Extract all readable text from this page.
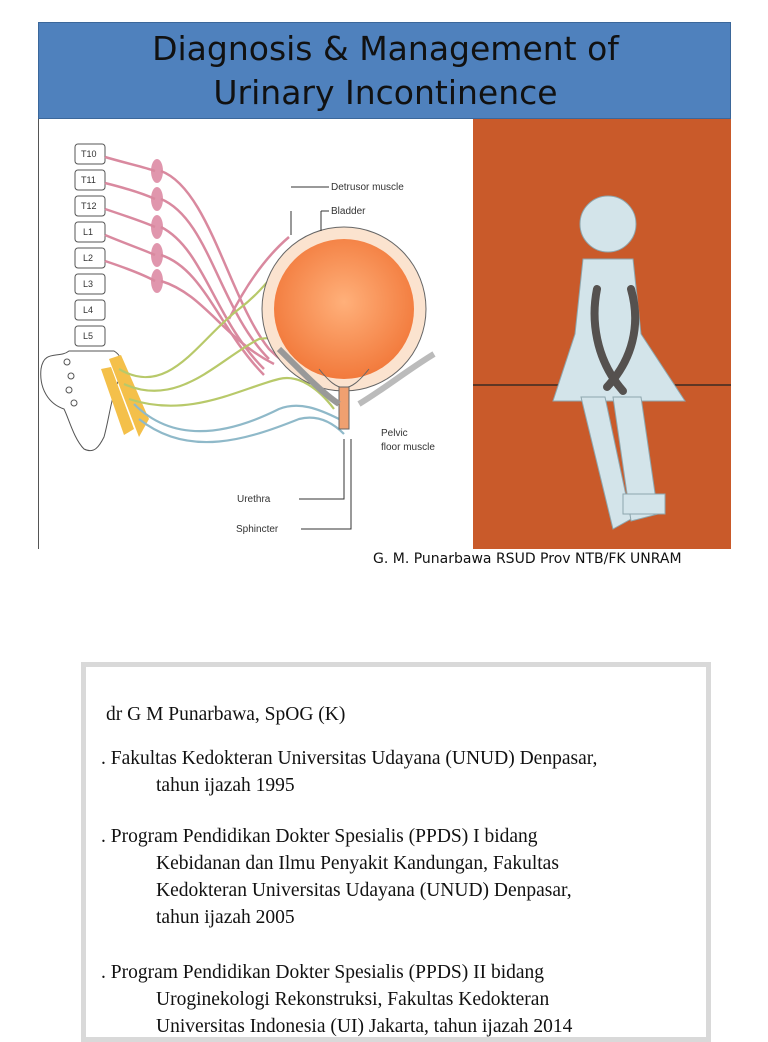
Diagnosis & Management of
Urinary Incontinence
T10
T11
T12
L1
L2
L3
L4
L5
Detrusor muscle
Bladder
Pelvic
floor muscle
Urethra
Sphincter
G. M. Punarbawa RSUD Prov NTB/FK UNRAM
dr G M Punarbawa, SpOG (K)
. Fakultas Kedokteran Universitas Udayana (UNUD) Denpasar,
tahun ijazah 1995
. Program Pendidikan Dokter Spesialis (PPDS) I bidang
Kebidanan dan Ilmu Penyakit Kandungan, Fakultas
Kedokteran Universitas Udayana (UNUD) Denpasar,
tahun ijazah 2005
. Program Pendidikan Dokter Spesialis (PPDS) II bidang
Uroginekologi Rekonstruksi, Fakultas Kedokteran
Universitas Indonesia (UI) Jakarta, tahun ijazah 2014
